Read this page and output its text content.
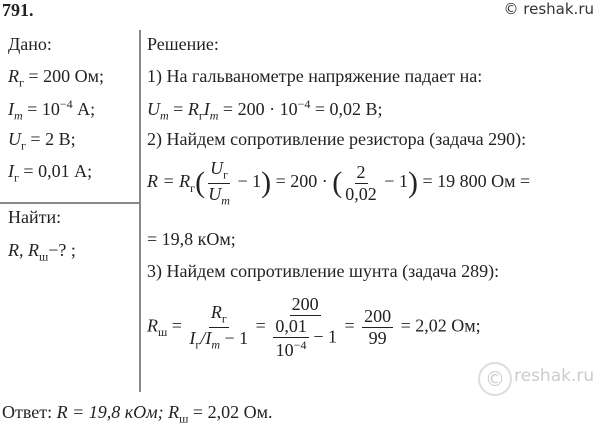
791.	© reshak.ru
© reshak.ru
Дано:
$R_г = 200$ Ом;
$I_m = 10^{-4}$ А;
$U_г = 2$ В;
$I_г = 0,01$ А;
Найти:
R, $R_ш-$? ;
Решение:
1) На гальванометре напряжение падает на:
$U_m = R_гI_m = 200 \cdot 10^{-4} = 0,02$ В;
2) Найдем сопротивление резистора (задача 290):
$R = R_г$( $U_г$
$U_m$
− 1) = 200 · ( $\frac{2}{0,02} - 1) = 19$ 800 Ом =
= 19,8 кОм;
3) Найдем сопротивление шунта (задача 289):
$R_ш$ =
$R_г$
$I_г/I_m - 1$
= $\frac{200}{\frac{0,01}{10^{-4}} - 1} = \frac{200}{99} = 2,02$ Ом;
Ответ: R = 19,8 кОм; $R_ш = 2,02$ Ом.
